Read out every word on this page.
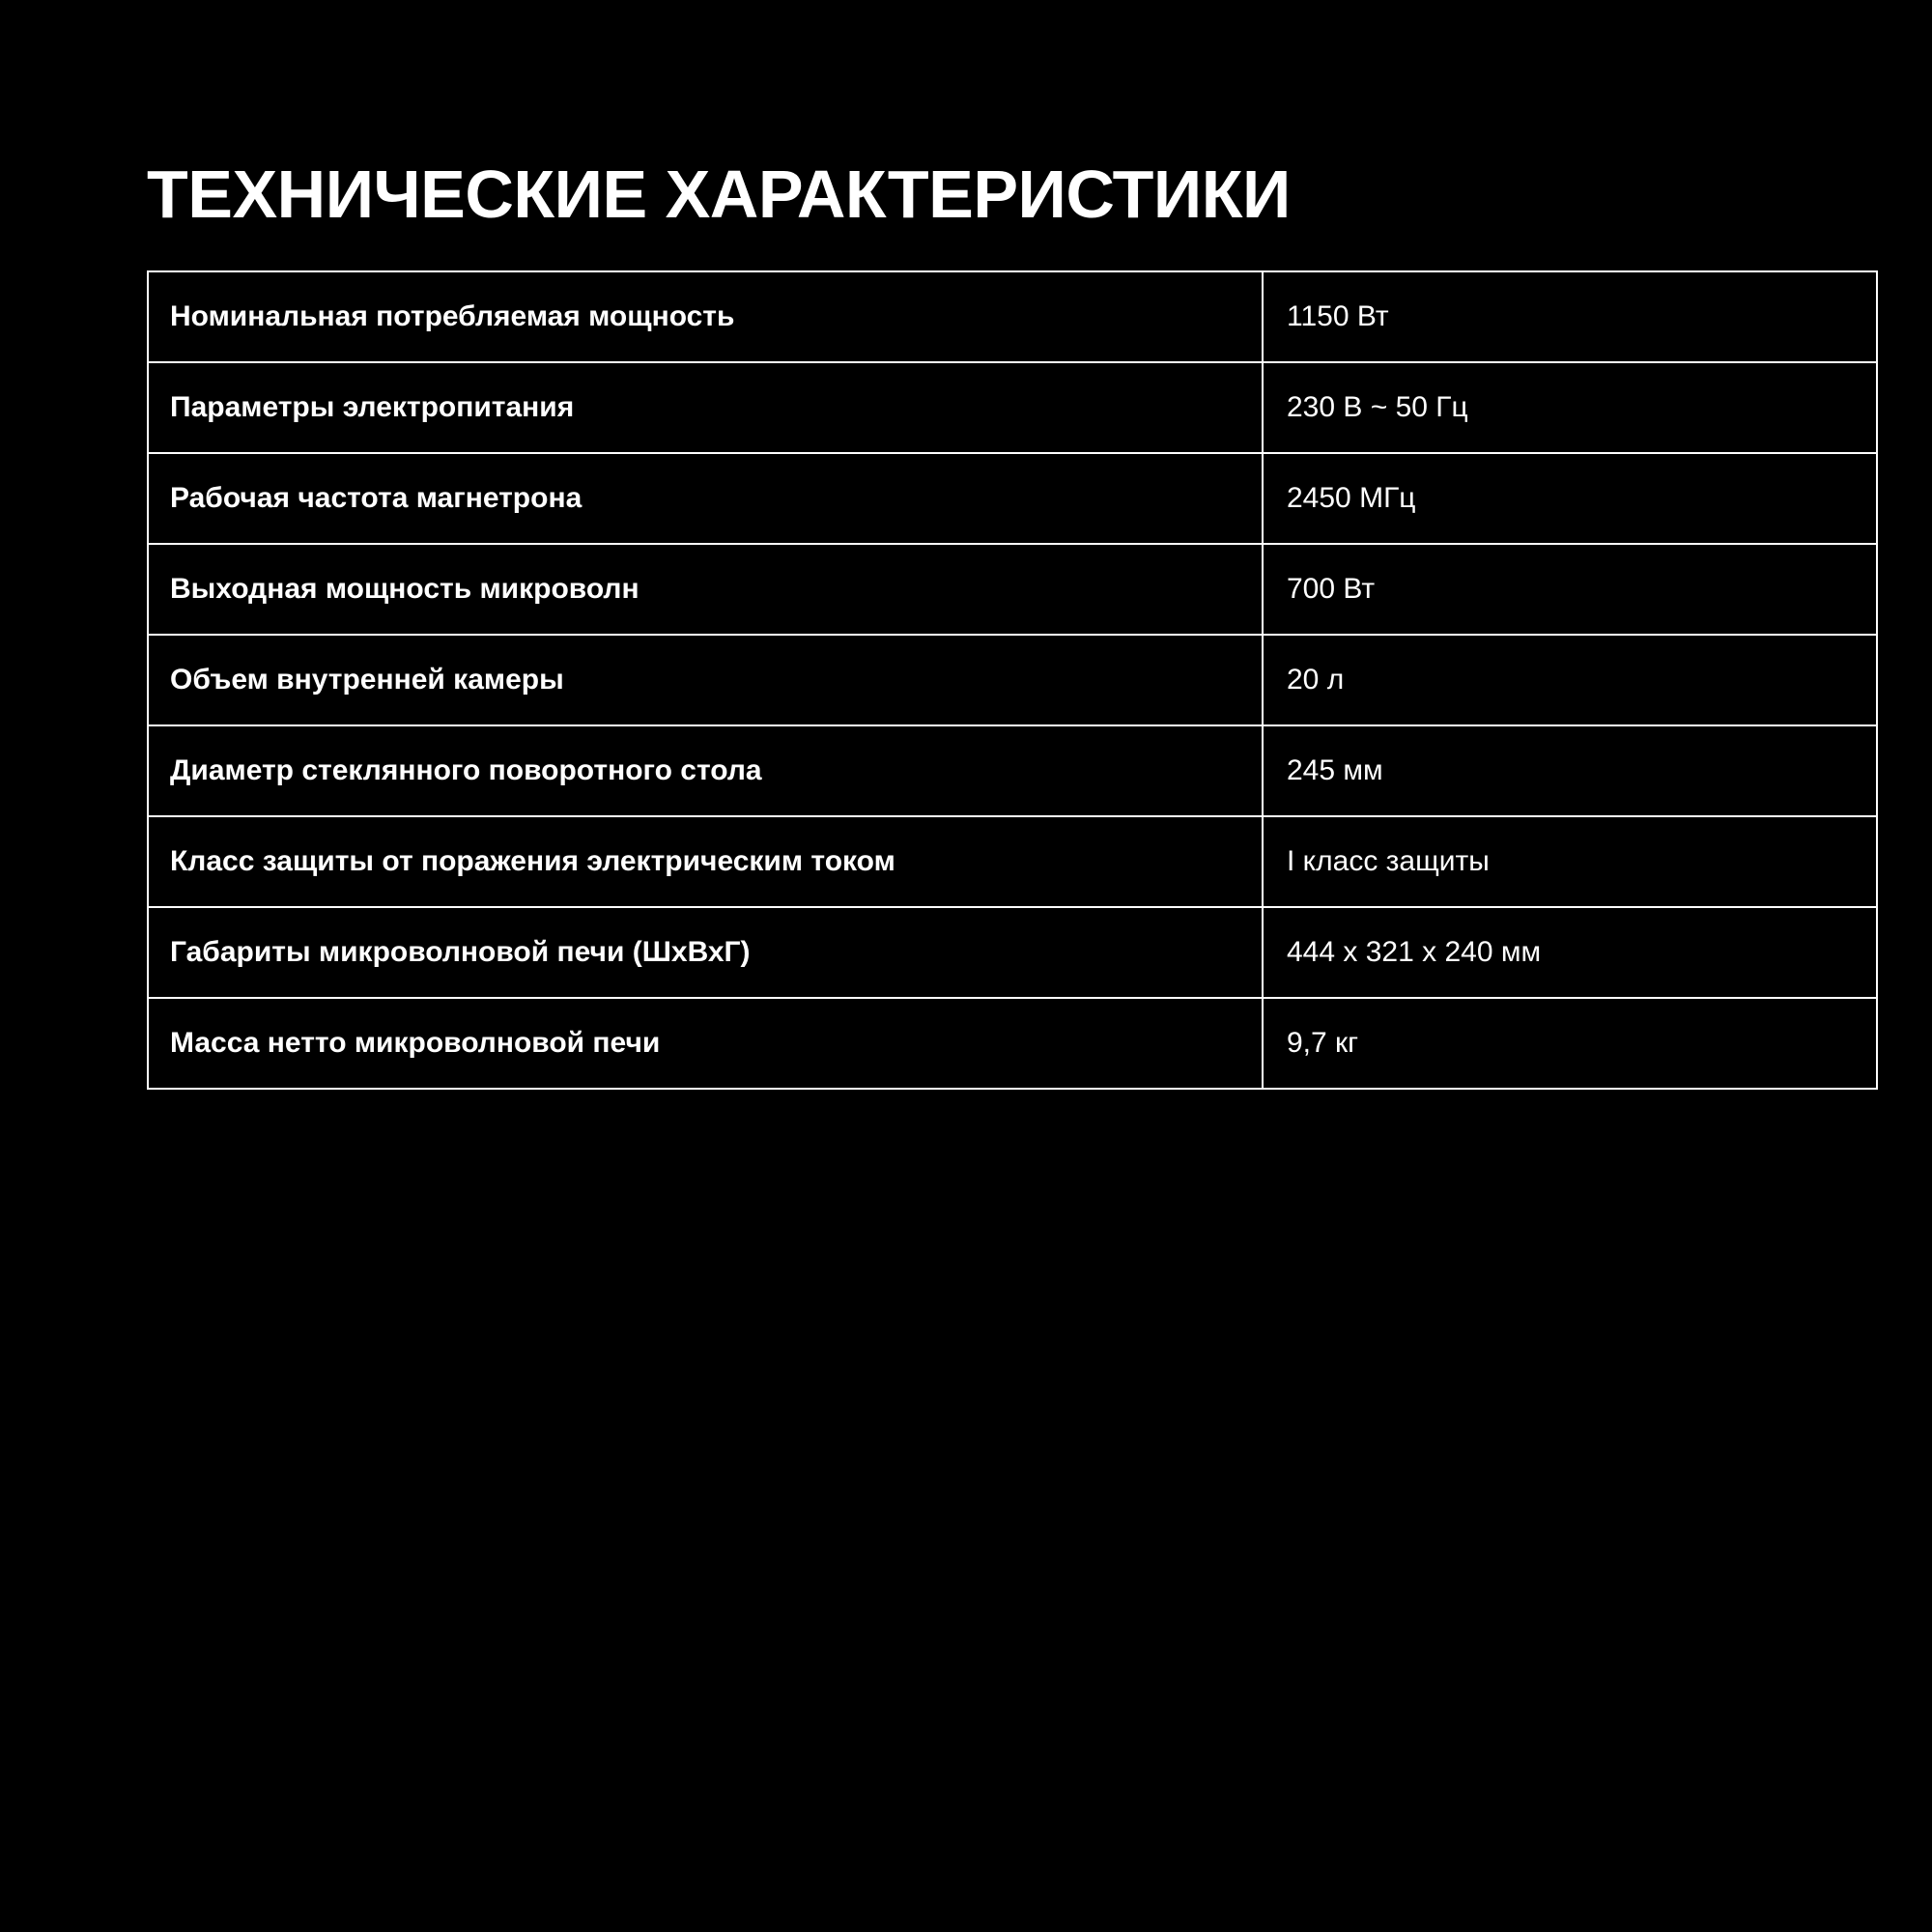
ТЕХНИЧЕСКИЕ ХАРАКТЕРИСТИКИ
Номинальная потребляемая мощность	1150 Вт
Параметры электропитания	230 В ~ 50 Гц
Рабочая частота магнетрона	2450 МГц
Выходная мощность микроволн	700 Вт
Объем внутренней камеры	20 л
Диаметр стеклянного поворотного стола	245 мм
Класс защиты от поражения электрическим током	I класс защиты
Габариты микроволновой печи (ШхВхГ)	444 x 321 x 240 мм
Масса нетто микроволновой печи	9,7 кг
